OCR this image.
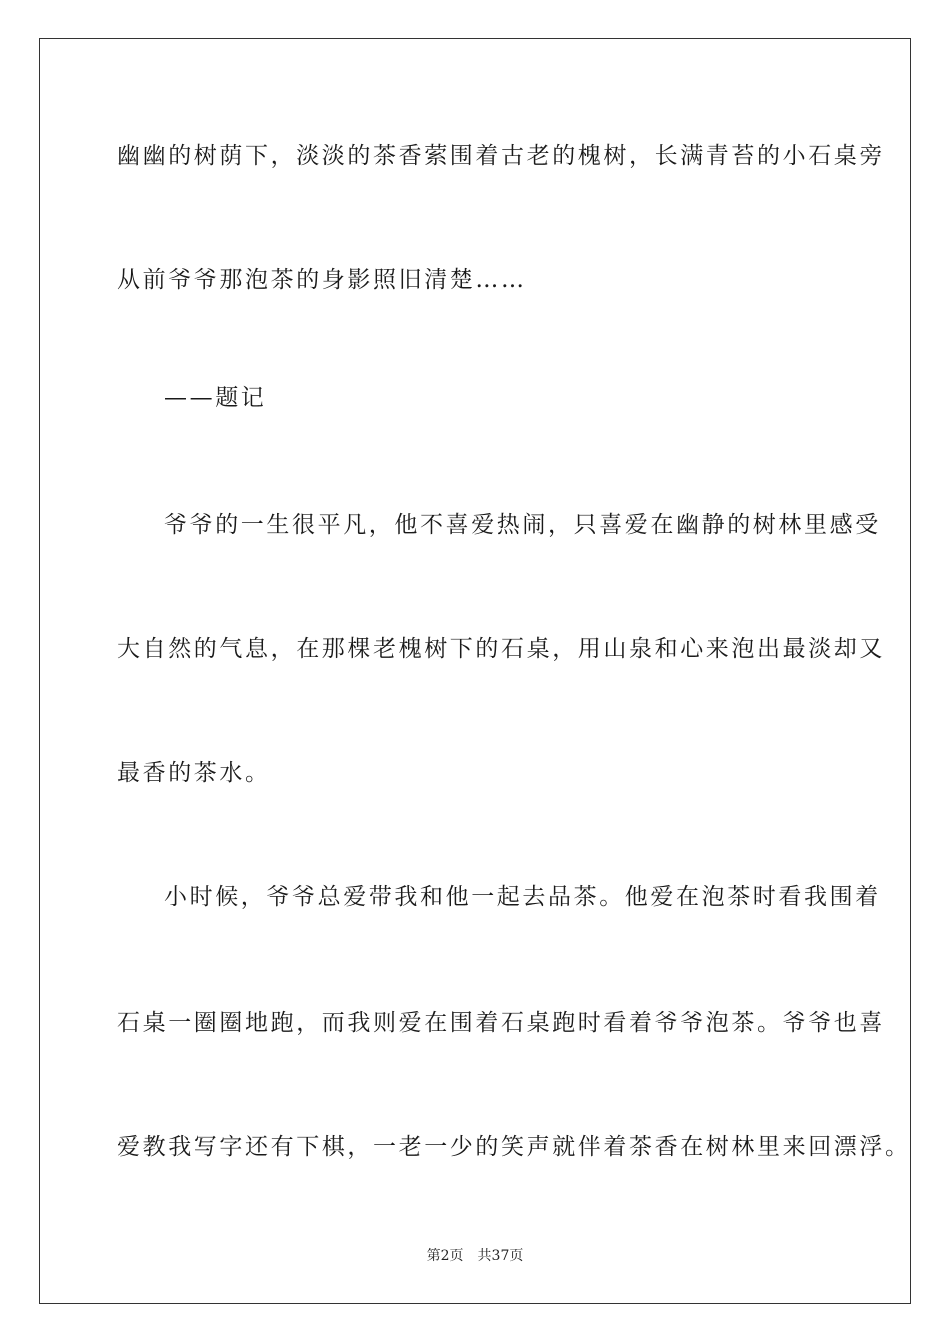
幽幽的树荫下，淡淡的茶香萦围着古老的槐树，长满青苔的小石桌旁
从前爷爷那泡茶的身影照旧清楚……
——题记
爷爷的一生很平凡，他不喜爱热闹，只喜爱在幽静的树林里感受
大自然的气息，在那棵老槐树下的石桌，用山泉和心来泡出最淡却又
最香的茶水。
小时候，爷爷总爱带我和他一起去品茶。他爱在泡茶时看我围着
石桌一圈圈地跑，而我则爱在围着石桌跑时看着爷爷泡茶。爷爷也喜
爱教我写字还有下棋，一老一少的笑声就伴着茶香在树林里来回漂浮。
第2页 共37页
